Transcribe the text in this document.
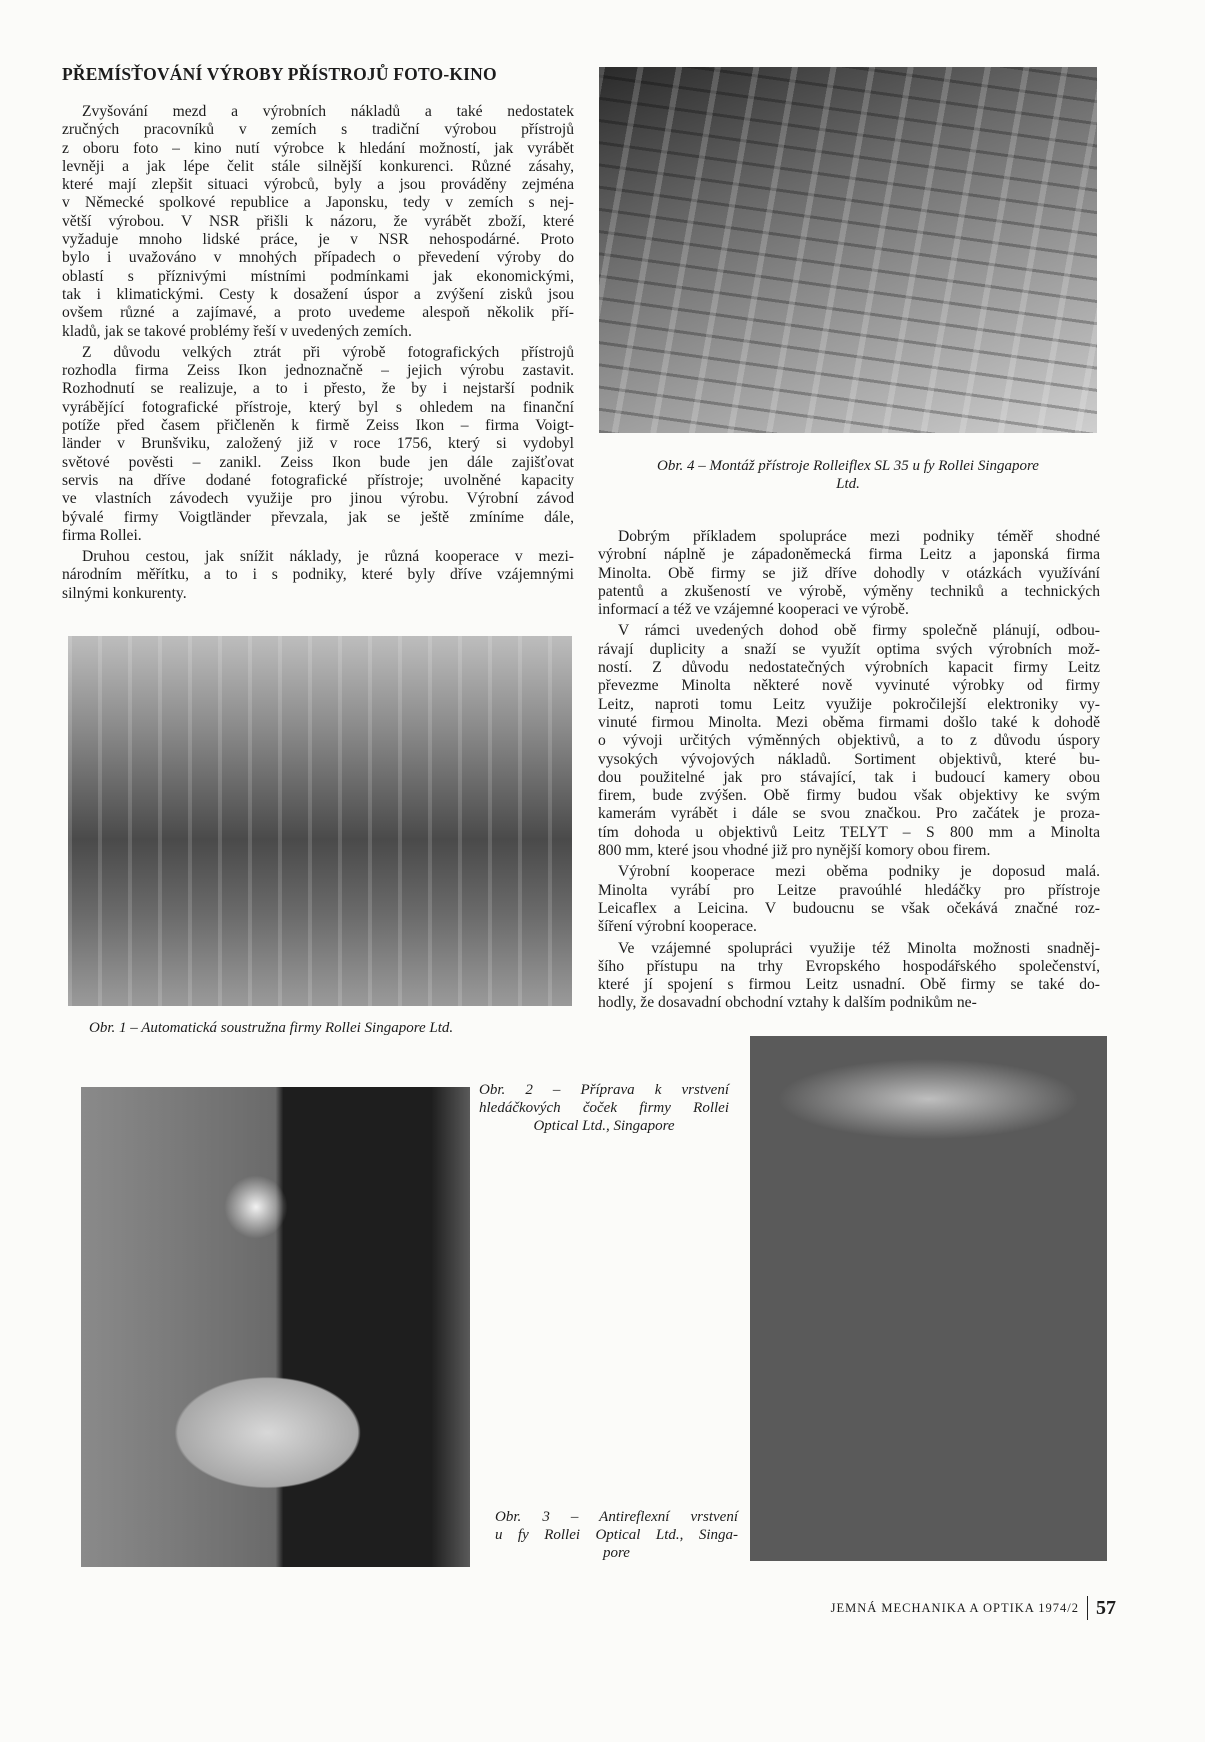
PŘEMÍSŤOVÁNÍ VÝROBY PŘÍSTROJŮ FOTO-KINO
Zvyšování mezd a výrobních nákladů a také nedostatek
zručných pracovníků v zemích s tradiční výrobou přístrojů
z oboru foto – kino nutí výrobce k hledání možností, jak vyrábět
levněji a jak lépe čelit stále silnější konkurenci. Různé zásahy,
které mají zlepšit situaci výrobců, byly a jsou prováděny zejména
v Německé spolkové republice a Japonsku, tedy v zemích s nej-
větší výrobou. V NSR přišli k názoru, že vyrábět zboží, které
vyžaduje mnoho lidské práce, je v NSR nehospodárné. Proto
bylo i uvažováno v mnohých případech o převedení výroby do
oblastí s příznivými místními podmínkami jak ekonomickými,
tak i klimatickými. Cesty k dosažení úspor a zvýšení zisků jsou
ovšem různé a zajímavé, a proto uvedeme alespoň několik pří-
kladů, jak se takové problémy řeší v uvedených zemích.
Z důvodu velkých ztrát při výrobě fotografických přístrojů
rozhodla firma Zeiss Ikon jednoznačně – jejich výrobu zastavit.
Rozhodnutí se realizuje, a to i přesto, že by i nejstarší podnik
vyrábějící fotografické přístroje, který byl s ohledem na finanční
potíže před časem přičleněn k firmě Zeiss Ikon – firma Voigt-
länder v Brunšviku, založený již v roce 1756, který si vydobyl
světové pověsti – zanikl. Zeiss Ikon bude jen dále zajišťovat
servis na dříve dodané fotografické přístroje; uvolněné kapacity
ve vlastních závodech využije pro jinou výrobu. Výrobní závod
bývalé firmy Voigtländer převzala, jak se ještě zmíníme dále,
firma Rollei.
Druhou cestou, jak snížit náklady, je různá kooperace v mezi-
národním měřítku, a to i s podniky, které byly dříve vzájemnými
silnými konkurenty.
Dobrým příkladem spolupráce mezi podniky téměř shodné
výrobní náplně je západoněmecká firma Leitz a japonská firma
Minolta. Obě firmy se již dříve dohodly v otázkách využívání
patentů a zkušeností ve výrobě, výměny techniků a technických
informací a též ve vzájemné kooperaci ve výrobě.
V rámci uvedených dohod obě firmy společně plánují, odbou-
rávají duplicity a snaží se využít optima svých výrobních mož-
ností. Z důvodu nedostatečných výrobních kapacit firmy Leitz
převezme Minolta některé nově vyvinuté výrobky od firmy
Leitz, naproti tomu Leitz využije pokročilejší elektroniky vy-
vinuté firmou Minolta. Mezi oběma firmami došlo také k dohodě
o vývoji určitých výměnných objektivů, a to z důvodu úspory
vysokých vývojových nákladů. Sortiment objektivů, které bu-
dou použitelné jak pro stávající, tak i budoucí kamery obou
firem, bude zvýšen. Obě firmy budou však objektivy ke svým
kamerám vyrábět i dále se svou značkou. Pro začátek je proza-
tím dohoda u objektivů Leitz TELYT – S 800 mm a Minolta
800 mm, které jsou vhodné již pro nynější komory obou firem.
Výrobní kooperace mezi oběma podniky je doposud malá.
Minolta vyrábí pro Leitze pravoúhlé hledáčky pro přístroje
Leicaflex a Leicina. V budoucnu se však očekává značné roz-
šíření výrobní kooperace.
Ve vzájemné spolupráci využije též Minolta možnosti snadněj-
šího přístupu na trhy Evropského hospodářského společenství,
které jí spojení s firmou Leitz usnadní. Obě firmy se také do-
hodly, že dosavadní obchodní vztahy k dalším podnikům ne-
Obr. 4 – Montáž přístroje Rolleiflex SL 35 u fy Rollei Singapore
Ltd.
Obr. 1 – Automatická soustružna firmy Rollei Singapore Ltd.
Obr. 2 – Příprava k vrstvení
hledáčkových čoček firmy Rollei
Optical Ltd., Singapore
Obr. 3 – Antireflexní vrstvení
u fy Rollei Optical Ltd., Singa-
pore
JEMNÁ MECHANIKA A OPTIKA 1974/2 57
